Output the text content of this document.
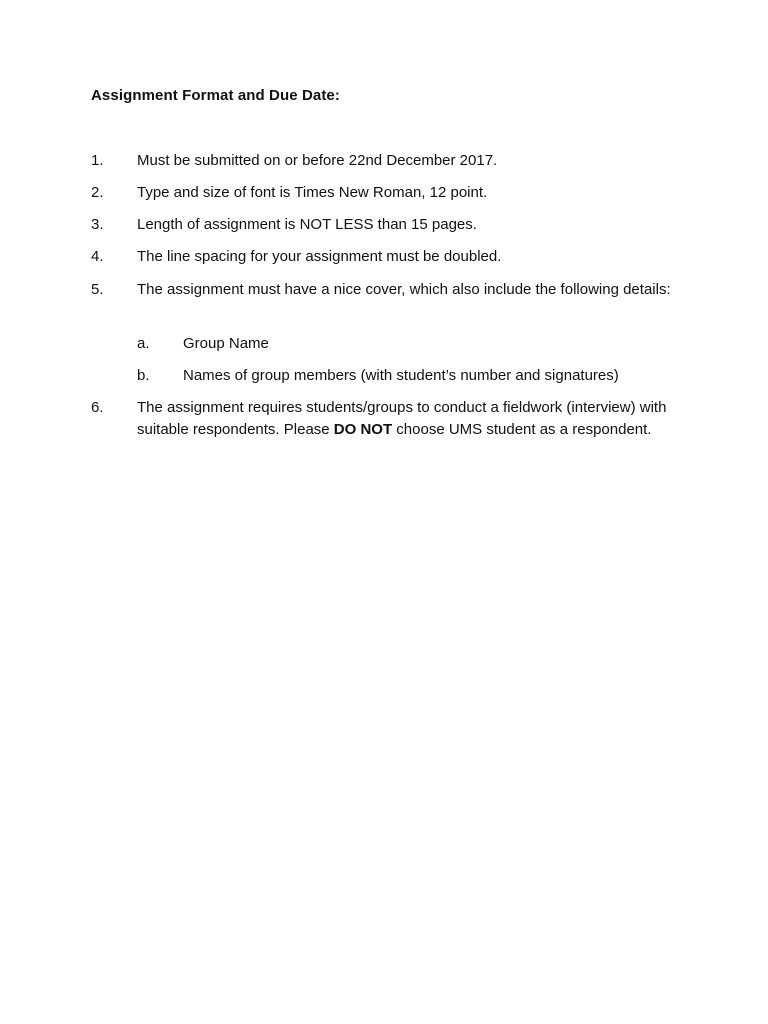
Assignment Format and Due Date:
1. Must be submitted on or before 22nd December 2017.
2. Type and size of font is Times New Roman, 12 point.
3. Length of assignment is NOT LESS than 15 pages.
4. The line spacing for your assignment must be doubled.
5. The assignment must have a nice cover, which also include the following details:
a. Group Name
b. Names of group members (with student’s number and signatures)
6. The assignment requires students/groups to conduct a fieldwork (interview) with suitable respondents. Please DO NOT choose UMS student as a respondent.
